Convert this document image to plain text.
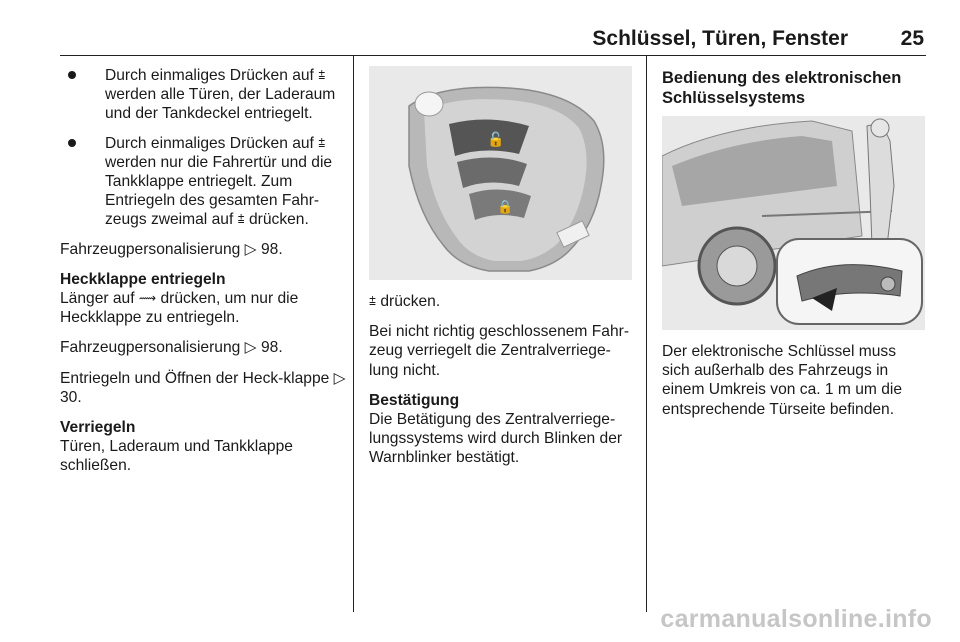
Schlüssel, Türen, Fenster	25
Durch einmaliges Drücken auf ⩲
werden alle Türen, der Laderaum und der Tankdeckel entriegelt.
Durch einmaliges Drücken auf ⩲
werden nur die Fahrertür und die Tankklappe entriegelt. Zum Entriegeln des gesamten Fahr-zeugs zweimal auf ⩲ drücken.

Fahrzeugpersonalisierung ▷ 98.

Heckklappe entriegeln

Länger auf ⟿ drücken, um nur die Heckklappe zu entriegeln.

Fahrzeugpersonalisierung ▷ 98.

Entriegeln und Öffnen der Heck-klappe ▷ 30.

Verriegeln

Türen, Laderaum und Tankklappe schließen.

🔓
🔒

⩲ drücken.

Bei nicht richtig geschlossenem Fahr-zeug verriegelt die Zentralverriege-lung nicht.

Bestätigung

Die Betätigung des Zentralverriege-lungssystems wird durch Blinken der Warnblinker bestätigt.

Bedienung des elektronischen Schlüsselsystems

Der elektronische Schlüssel muss sich außerhalb des Fahrzeugs in einem Umkreis von ca. 1 m um die entsprechende Türseite befinden.

carmanualsonline.info
